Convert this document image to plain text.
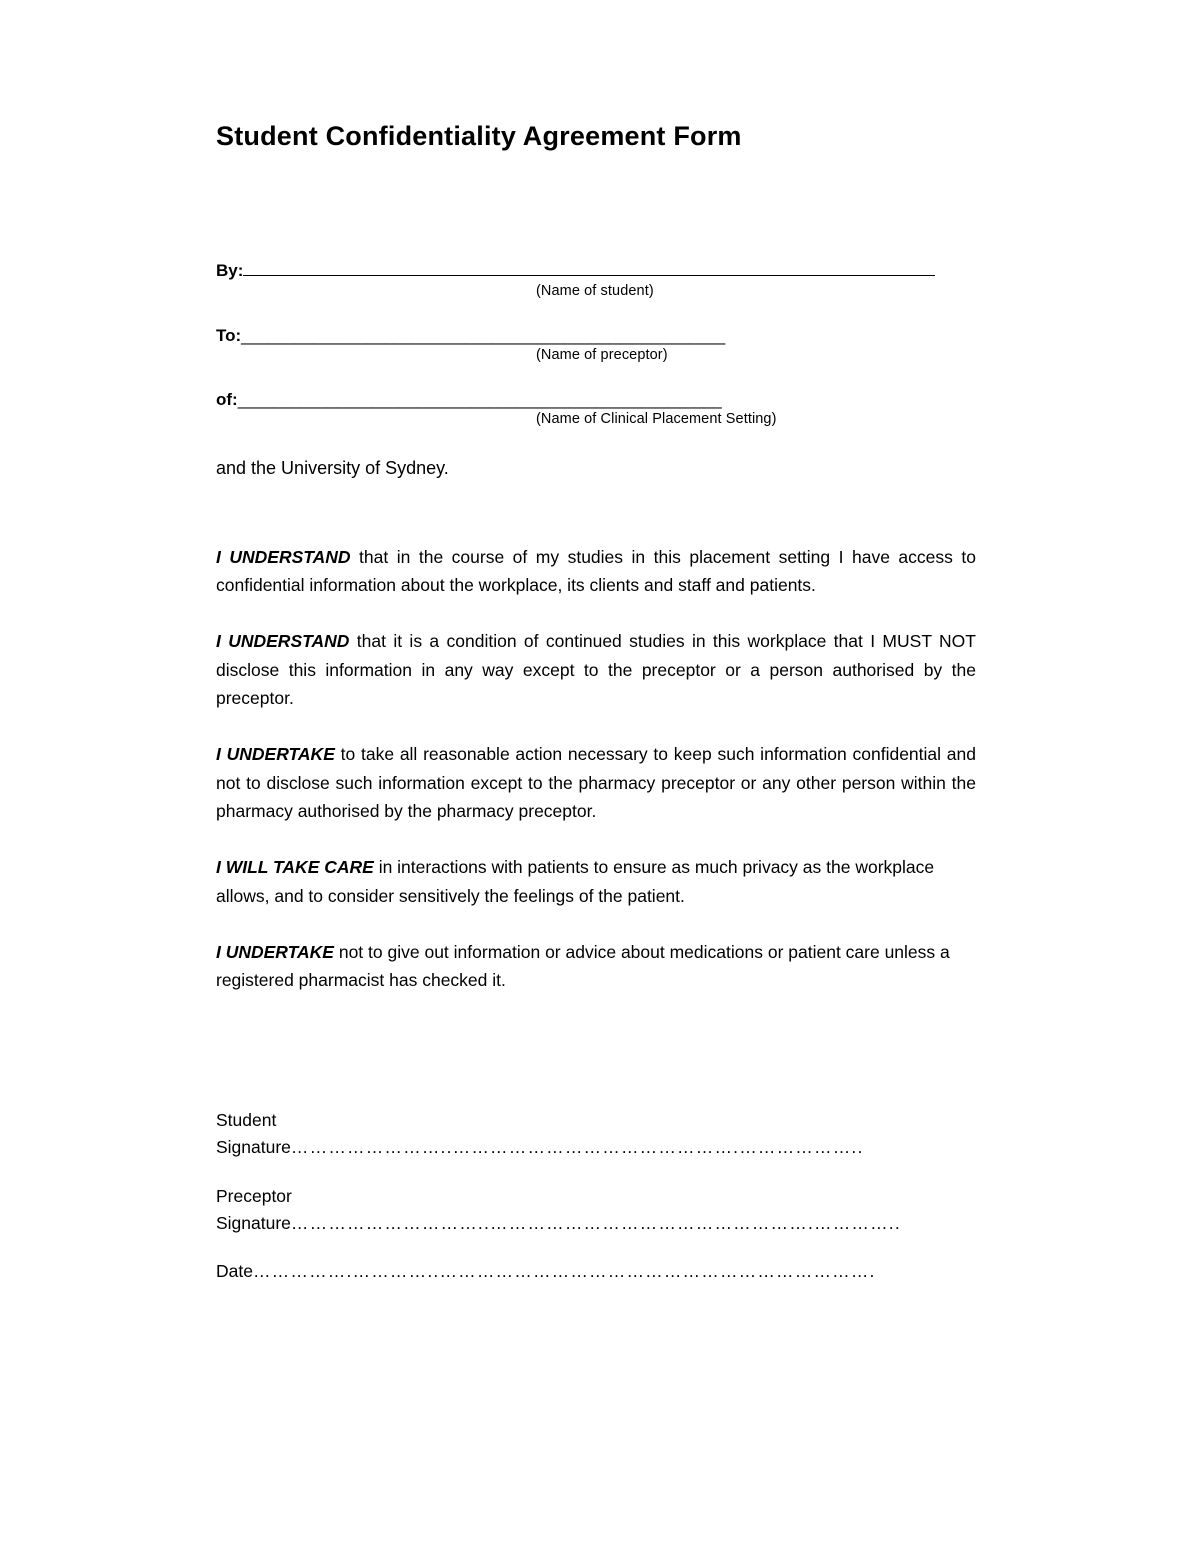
Student Confidentiality Agreement Form
By:
(Name of student)
To:______________________________________________________
(Name of preceptor)
of:______________________________________________________
(Name of Clinical Placement Setting)
and the University of Sydney.

I UNDERSTAND that in the course of my studies in this placement setting I have access to confidential information about the workplace, its clients and staff and patients.

I UNDERSTAND that it is a condition of continued studies in this workplace that I MUST NOT disclose this information in any way except to the preceptor or a person authorised by the preceptor.

I UNDERTAKE to take all reasonable action necessary to keep such information confidential and not to disclose such information except to the pharmacy preceptor or any other person within the pharmacy authorised by the pharmacy preceptor.

I WILL TAKE CARE in interactions with patients to ensure as much privacy as the workplace allows, and to consider sensitively the feelings of the patient.

I UNDERTAKE not to give out information or advice about medications or patient care unless a registered pharmacist has checked it.

Student
Signature……………………..……………………………………….………………..
Preceptor
Signature…………………………..…………………………………………….…………..
Date…………….…………..…………………………………………………………….
